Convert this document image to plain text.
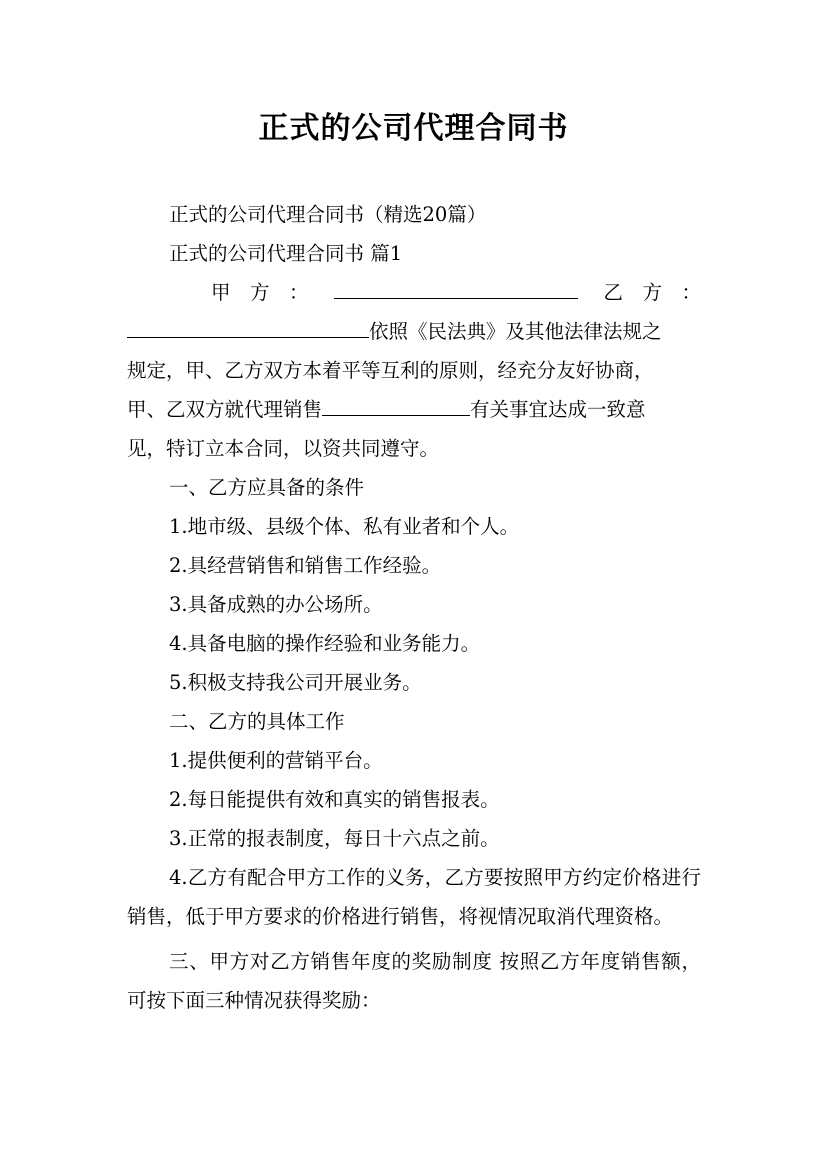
正式的公司代理合同书

正式的公司代理合同书（精选20篇）

正式的公司代理合同书 篇1

甲　方　：	乙　方　：
依照《民法典》及其他法律法规之

规定，甲、乙方双方本着平等互利的原则，经充分友好协商，

甲、乙双方就代理销售	有关事宜达成一致意

见，特订立本合同，以资共同遵守。

一、乙方应具备的条件

1.地市级、县级个体、私有业者和个人。

2.具经营销售和销售工作经验。

3.具备成熟的办公场所。

4.具备电脑的操作经验和业务能力。

5.积极支持我公司开展业务。

二、乙方的具体工作

1.提供便利的营销平台。

2.每日能提供有效和真实的销售报表。

3.正常的报表制度，每日十六点之前。

4.乙方有配合甲方工作的义务，乙方要按照甲方约定价格进行销售，低于甲方要求的价格进行销售，将视情况取消代理资格。

三、甲方对乙方销售年度的奖励制度 按照乙方年度销售额，可按下面三种情况获得奖励：
